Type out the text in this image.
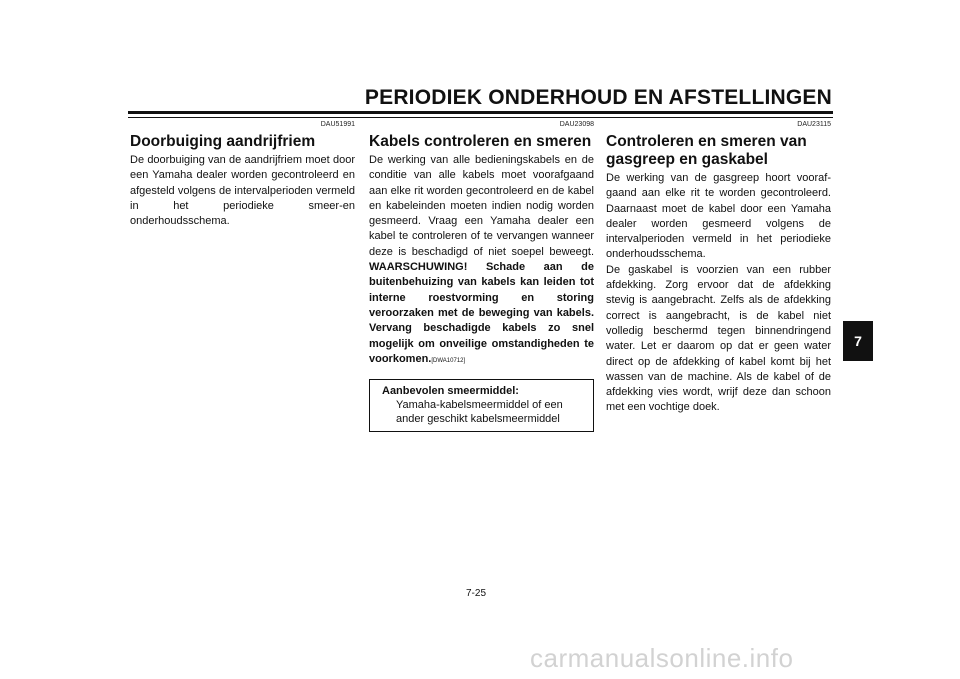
PERIODIEK ONDERHOUD EN AFSTELLINGEN
DAU51991
Doorbuiging aandrijfriem

De doorbuiging van de aandrijfriem moet door een Yamaha dealer worden gecontroleerd en afgesteld volgens de intervalperioden vermeld in het periodieke smeer-en onderhoudsschema.

DAU23098
Kabels controleren en smeren

De werking van alle bedieningskabels en de conditie van alle kabels moet voorafgaand aan elke rit worden gecontroleerd en de kabel en kabeleinden moeten indien nodig worden gesmeerd. Vraag een Yamaha dealer een kabel te controleren of te vervangen wanneer deze is beschadigd of niet soepel beweegt. WAARSCHUWING! Schade aan de buitenbehuizing van kabels kan leiden tot interne roestvorming en storing veroorzaken met de beweging van kabels. Vervang beschadigde kabels zo snel mogelijk om onveilige omstandigheden te voorkomen.[DWA10712]

Aanbevolen smeermiddel:
Yamaha-kabelsmeermiddel of een
ander geschikt kabelsmeermiddel
DAU23115
Controleren en smeren van gasgreep en gaskabel

De werking van de gasgreep hoort vooraf-gaand aan elke rit te worden gecontroleerd. Daarnaast moet de kabel door een Yamaha dealer worden gesmeerd volgens de intervalperioden vermeld in het periodieke onderhoudsschema.

De gaskabel is voorzien van een rubber afdekking. Zorg ervoor dat de afdekking stevig is aangebracht. Zelfs als de afdekking correct is aangebracht, is de kabel niet volledig beschermd tegen binnendringend water. Let er daarom op dat er geen water direct op de afdekking of kabel komt bij het wassen van de machine. Als de kabel of de afdekking vies wordt, wrijf deze dan schoon met een vochtige doek.

7
7-25
carmanualsonline.info
